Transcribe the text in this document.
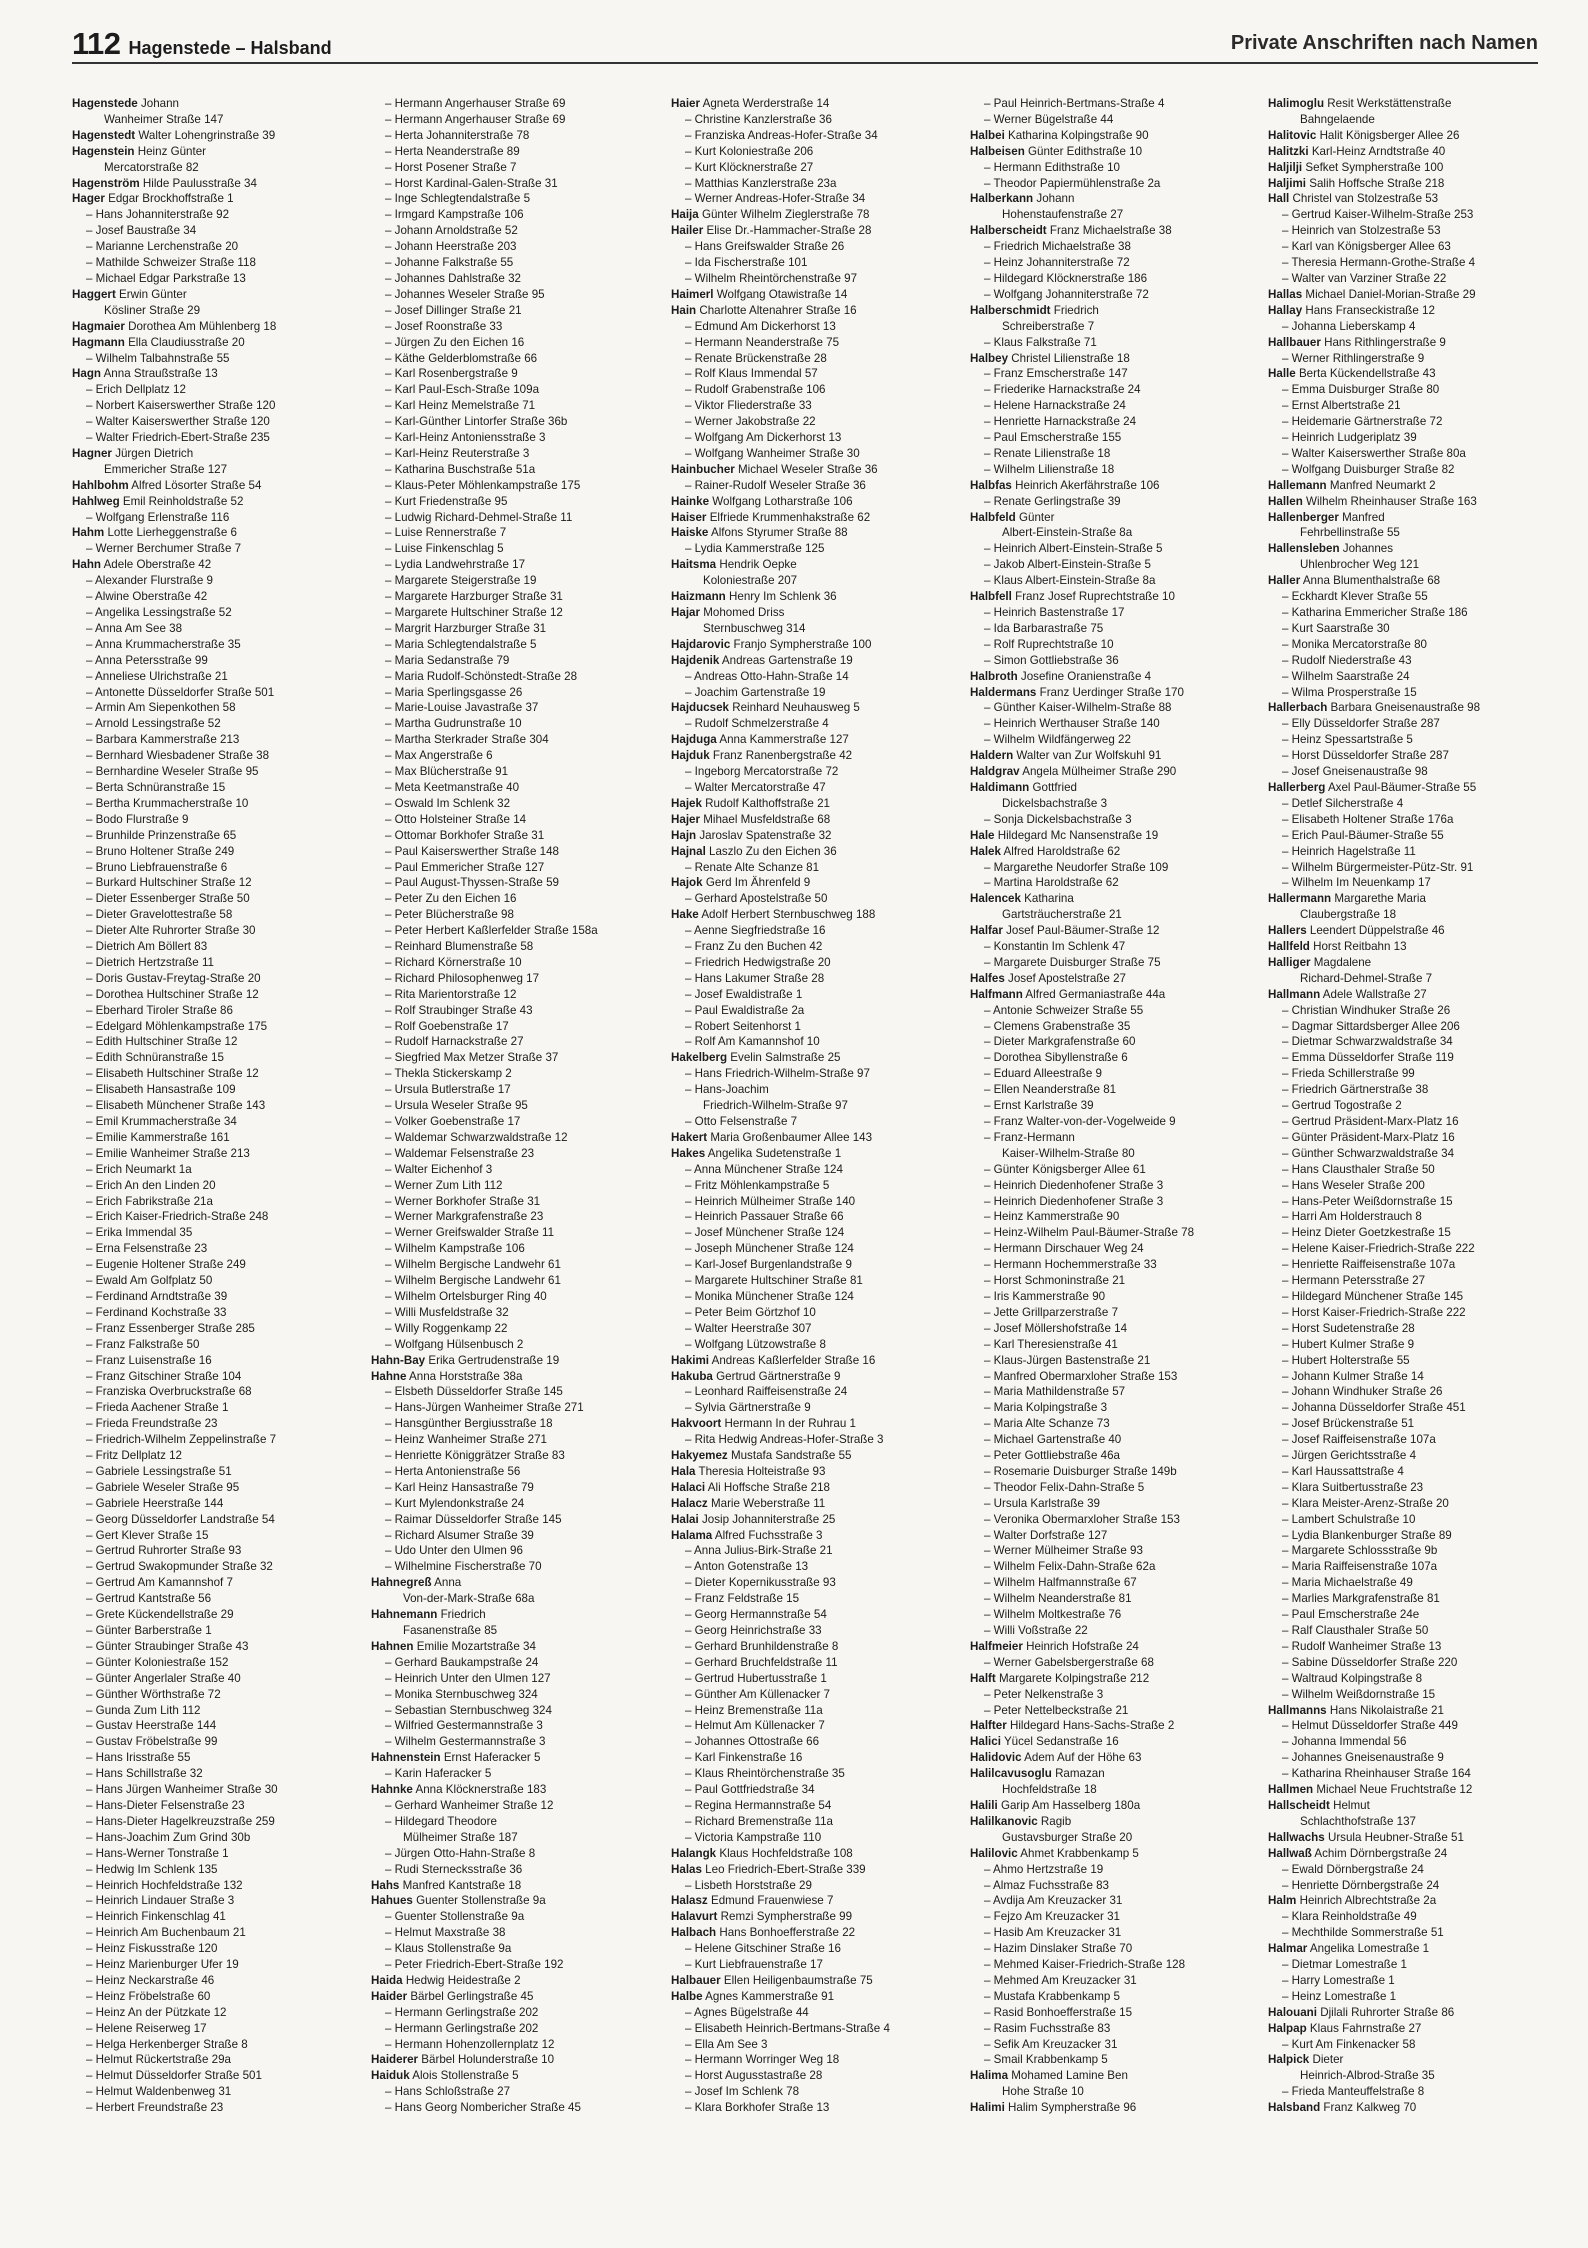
112 Hagenstede – Halsband	Private Anschriften nach Namen
Hagenstede Johann
Wanheimer Straße 147
Hagenstedt Walter Lohengrinstraße 39
Hagenstein Heinz Günter
Mercatorstraße 82
Hagenström Hilde Paulusstraße 34
Hager Edgar Brockhoffstraße 1
– Hans Johanniterstraße 92
– Josef Baustraße 34
– Marianne Lerchenstraße 20
– Mathilde Schweizer Straße 118
– Michael Edgar Parkstraße 13
Haggert Erwin Günter
Kösliner Straße 29
Hagmaier Dorothea Am Mühlenberg 18
Hagmann Ella Claudiusstraße 20
– Wilhelm Talbahnstraße 55
Hagn Anna Straußstraße 13
– Erich Dellplatz 12
– Norbert Kaiserswerther Straße 120
– Walter Kaiserswerther Straße 120
– Walter Friedrich-Ebert-Straße 235
Hagner Jürgen Dietrich
Emmericher Straße 127
Hahlbohm Alfred Lösorter Straße 54
Hahlweg Emil Reinholdstraße 52
– Wolfgang Erlenstraße 116
Hahm Lotte Lierheggenstraße 6
– Werner Berchumer Straße 7
Hahn Adele Oberstraße 42
– Alexander Flurstraße 9
– Alwine Oberstraße 42
– Angelika Lessingstraße 52
– Anna Am See 38
– Anna Krummacherstraße 35
– Anna Petersstraße 99
– Anneliese Ulrichstraße 21
– Antonette Düsseldorfer Straße 501
– Armin Am Siepenkothen 58
– Arnold Lessingstraße 52
– Barbara Kammerstraße 213
– Bernhard Wiesbadener Straße 38
– Bernhardine Weseler Straße 95
– Berta Schnüranstraße 15
– Bertha Krummacherstraße 10
– Bodo Flurstraße 9
– Brunhilde Prinzenstraße 65
– Bruno Holtener Straße 249
– Bruno Liebfrauenstraße 6
– Burkard Hultschiner Straße 12
– Dieter Essenberger Straße 50
– Dieter Gravelottestraße 58
– Dieter Alte Ruhrorter Straße 30
– Dietrich Am Böllert 83
– Dietrich Hertzstraße 11
– Doris Gustav-Freytag-Straße 20
– Dorothea Hultschiner Straße 12
– Eberhard Tiroler Straße 86
– Edelgard Möhlenkampstraße 175
– Edith Hultschiner Straße 12
– Edith Schnüranstraße 15
– Elisabeth Hultschiner Straße 12
– Elisabeth Hansastraße 109
– Elisabeth Münchener Straße 143
– Emil Krummacherstraße 34
– Emilie Kammerstraße 161
– Emilie Wanheimer Straße 213
– Erich Neumarkt 1a
– Erich An den Linden 20
– Erich Fabrikstraße 21a
– Erich Kaiser-Friedrich-Straße 248
– Erika Immendal 35
– Erna Felsenstraße 23
– Eugenie Holtener Straße 249
– Ewald Am Golfplatz 50
– Ferdinand Arndtstraße 39
– Ferdinand Kochstraße 33
– Franz Essenberger Straße 285
– Franz Falkstraße 50
– Franz Luisenstraße 16
– Franz Gitschiner Straße 104
– Franziska Overbruckstraße 68
– Frieda Aachener Straße 1
– Frieda Freundstraße 23
– Friedrich-Wilhelm Zeppelinstraße 7
– Fritz Dellplatz 12
– Gabriele Lessingstraße 51
– Gabriele Weseler Straße 95
– Gabriele Heerstraße 144
– Georg Düsseldorfer Landstraße 54
– Gert Klever Straße 15
– Gertrud Ruhrorter Straße 93
– Gertrud Swakopmunder Straße 32
– Gertrud Am Kamannshof 7
– Gertrud Kantstraße 56
– Grete Kückendellstraße 29
– Günter Barberstraße 1
– Günter Straubinger Straße 43
– Günter Koloniestraße 152
– Günter Angerlaler Straße 40
– Günther Wörthstraße 72
– Gunda Zum Lith 112
– Gustav Heerstraße 144
– Gustav Fröbelstraße 99
– Hans Irisstraße 55
– Hans Schillstraße 32
– Hans Jürgen Wanheimer Straße 30
– Hans-Dieter Felsenstraße 23
– Hans-Dieter Hagelkreuzstraße 259
– Hans-Joachim Zum Grind 30b
– Hans-Werner Tonstraße 1
– Hedwig Im Schlenk 135
– Heinrich Hochfeldstraße 132
– Heinrich Lindauer Straße 3
– Heinrich Finkenschlag 41
– Heinrich Am Buchenbaum 21
– Heinz Fiskusstraße 120
– Heinz Marienburger Ufer 19
– Heinz Neckarstraße 46
– Heinz Fröbelstraße 60
– Heinz An der Pützkate 12
– Helene Reiserweg 17
– Helga Herkenberger Straße 8
– Helmut Rückertstraße 29a
– Helmut Düsseldorfer Straße 501
– Helmut Waldenbenweg 31
– Herbert Freundstraße 23
– Hermann Angerhauser Straße 69
– Hermann Angerhauser Straße 69
– Herta Johanniterstraße 78
– Herta Neanderstraße 89
– Horst Posener Straße 7
– Horst Kardinal-Galen-Straße 31
– Inge Schlegtendalstraße 5
– Irmgard Kampstraße 106
– Johann Arnoldstraße 52
– Johann Heerstraße 203
– Johanne Falkstraße 55
– Johannes Dahlstraße 32
– Johannes Weseler Straße 95
– Josef Dillinger Straße 21
– Josef Roonstraße 33
– Jürgen Zu den Eichen 16
– Käthe Gelderblomstraße 66
– Karl Rosenbergstraße 9
– Karl Paul-Esch-Straße 109a
– Karl Heinz Memelstraße 71
– Karl-Günther Lintorfer Straße 36b
– Karl-Heinz Antoniensstraße 3
– Karl-Heinz Reuterstraße 3
– Katharina Buschstraße 51a
– Klaus-Peter Möhlenkampstraße 175
– Kurt Friedenstraße 95
– Ludwig Richard-Dehmel-Straße 11
– Luise Rennerstraße 7
– Luise Finkenschlag 5
– Lydia Landwehrstraße 17
– Margarete Steigerstraße 19
– Margarete Harzburger Straße 31
– Margarete Hultschiner Straße 12
– Margrit Harzburger Straße 31
– Maria Schlegtendalstraße 5
– Maria Sedanstraße 79
– Maria Rudolf-Schönstedt-Straße 28
– Maria Sperlingsgasse 26
– Marie-Louise Javastraße 37
– Martha Gudrunstraße 10
– Martha Sterkrader Straße 304
– Max Angerstraße 6
– Max Blücherstraße 91
– Meta Keetmanstraße 40
– Oswald Im Schlenk 32
– Otto Holsteiner Straße 14
– Ottomar Borkhofer Straße 31
– Paul Kaiserswerther Straße 148
– Paul Emmericher Straße 127
– Paul August-Thyssen-Straße 59
– Peter Zu den Eichen 16
– Peter Blücherstraße 98
– Peter Herbert Kaßlerfelder Straße 158a
– Reinhard Blumenstraße 58
– Richard Körnerstraße 10
– Richard Philosophenweg 17
– Rita Marientorstraße 12
– Rolf Straubinger Straße 43
– Rolf Goebenstraße 17
– Rudolf Harnackstraße 27
– Siegfried Max Metzer Straße 37
– Thekla Stickerskamp 2
– Ursula Butlerstraße 17
– Ursula Weseler Straße 95
– Volker Goebenstraße 17
– Waldemar Schwarzwaldstraße 12
– Waldemar Felsenstraße 23
– Walter Eichenhof 3
– Werner Zum Lith 112
– Werner Borkhofer Straße 31
– Werner Markgrafenstraße 23
– Werner Greifswalder Straße 11
– Wilhelm Kampstraße 106
– Wilhelm Bergische Landwehr 61
– Wilhelm Bergische Landwehr 61
– Wilhelm Ortelsburger Ring 40
– Willi Musfeldstraße 32
– Willy Roggenkamp 22
– Wolfgang Hülsenbusch 2
Hahn-Bay Erika Gertrudenstraße 19
Hahne Anna Horststraße 38a
– Elsbeth Düsseldorfer Straße 145
– Hans-Jürgen Wanheimer Straße 271
– Hansgünther Bergiusstraße 18
– Heinz Wanheimer Straße 271
– Henriette Königgrätzer Straße 83
– Herta Antonienstraße 56
– Karl Heinz Hansastraße 79
– Kurt Mylendonkstraße 24
– Raimar Düsseldorfer Straße 145
– Richard Alsumer Straße 39
– Udo Unter den Ulmen 96
– Wilhelmine Fischerstraße 70
Hahnegreß Anna
Von-der-Mark-Straße 68a
Hahnemann Friedrich
Fasanenstraße 85
Hahnen Emilie Mozartstraße 34
– Gerhard Baukampstraße 24
– Heinrich Unter den Ulmen 127
– Monika Sternbuschweg 324
– Sebastian Sternbuschweg 324
– Wilfried Gestermannstraße 3
– Wilhelm Gestermannstraße 3
Hahnenstein Ernst Haferacker 5
– Karin Haferacker 5
Hahnke Anna Klöcknerstraße 183
– Gerhard Wanheimer Straße 12
– Hildegard Theodore
Mülheimer Straße 187
– Jürgen Otto-Hahn-Straße 8
– Rudi Sternecksstraße 36
Hahs Manfred Kantstraße 18
Hahues Guenter Stollenstraße 9a
– Guenter Stollenstraße 9a
– Helmut Maxstraße 38
– Klaus Stollenstraße 9a
– Peter Friedrich-Ebert-Straße 192
Haida Hedwig Heidestraße 2
Haider Bärbel Gerlingstraße 45
– Hermann Gerlingstraße 202
– Hermann Gerlingstraße 202
– Hermann Hohenzollernplatz 12
Haiderer Bärbel Holunderstraße 10
Haiduk Alois Stollenstraße 5
– Hans Schloßstraße 27
– Hans Georg Nombericher Straße 45
Haier Agneta Werderstraße 14
– Christine Kanzlerstraße 36
– Franziska Andreas-Hofer-Straße 34
– Kurt Koloniestraße 206
– Kurt Klöcknerstraße 27
– Matthias Kanzlerstraße 23a
– Werner Andreas-Hofer-Straße 34
Haija Günter Wilhelm Zieglerstraße 78
Hailer Elise Dr.-Hammacher-Straße 28
– Hans Greifswalder Straße 26
– Ida Fischerstraße 101
– Wilhelm Rheintörchenstraße 97
Haimerl Wolfgang Otawistraße 14
Hain Charlotte Altenahrer Straße 16
– Edmund Am Dickerhorst 13
– Hermann Neanderstraße 75
– Renate Brückenstraße 28
– Rolf Klaus Immendal 57
– Rudolf Grabenstraße 106
– Viktor Fliederstraße 33
– Werner Jakobstraße 22
– Wolfgang Am Dickerhorst 13
– Wolfgang Wanheimer Straße 30
Hainbucher Michael Weseler Straße 36
– Rainer-Rudolf Weseler Straße 36
Hainke Wolfgang Lotharstraße 106
Haiser Elfriede Krummenhakstraße 62
Haiske Alfons Styrumer Straße 88
– Lydia Kammerstraße 125
Haitsma Hendrik Oepke
Koloniestraße 207
Haizmann Henry Im Schlenk 36
Hajar Mohomed Driss
Sternbuschweg 314
Hajdarovic Franjo Sympherstraße 100
Hajdenik Andreas Gartenstraße 19
– Andreas Otto-Hahn-Straße 14
– Joachim Gartenstraße 19
Hajducsek Reinhard Neuhausweg 5
– Rudolf Schmelzerstraße 4
Hajduga Anna Kammerstraße 127
Hajduk Franz Ranenbergstraße 42
– Ingeborg Mercatorstraße 72
– Walter Mercatorstraße 47
Hajek Rudolf Kalthoffstraße 21
Hajer Mihael Musfeldstraße 68
Hajn Jaroslav Spatenstraße 32
Hajnal Laszlo Zu den Eichen 36
– Renate Alte Schanze 81
Hajok Gerd Im Ährenfeld 9
– Gerhard Apostelstraße 50
Hake Adolf Herbert Sternbuschweg 188
– Aenne Siegfriedstraße 16
– Franz Zu den Buchen 42
– Friedrich Hedwigstraße 20
– Hans Lakumer Straße 28
– Josef Ewaldistraße 1
– Paul Ewaldistraße 2a
– Robert Seitenhorst 1
– Rolf Am Kamannshof 10
Hakelberg Evelin Salmstraße 25
– Hans Friedrich-Wilhelm-Straße 97
– Hans-Joachim
Friedrich-Wilhelm-Straße 97
– Otto Felsenstraße 7
Hakert Maria Großenbaumer Allee 143
Hakes Angelika Sudetenstraße 1
– Anna Münchener Straße 124
– Fritz Möhlenkampstraße 5
– Heinrich Mülheimer Straße 140
– Heinrich Passauer Straße 66
– Josef Münchener Straße 124
– Joseph Münchener Straße 124
– Karl-Josef Burgenlandstraße 9
– Margarete Hultschiner Straße 81
– Monika Münchener Straße 124
– Peter Beim Görtzhof 10
– Walter Heerstraße 307
– Wolfgang Lützowstraße 8
Hakimi Andreas Kaßlerfelder Straße 16
Hakuba Gertrud Gärtnerstraße 9
– Leonhard Raiffeisenstraße 24
– Sylvia Gärtnerstraße 9
Hakvoort Hermann In der Ruhrau 1
– Rita Hedwig Andreas-Hofer-Straße 3
Hakyemez Mustafa Sandstraße 55
Hala Theresia Holteistraße 93
Halaci Ali Hoffsche Straße 218
Halacz Marie Weberstraße 11
Halai Josip Johanniterstraße 25
Halama Alfred Fuchsstraße 3
– Anna Julius-Birk-Straße 21
– Anton Gotenstraße 13
– Dieter Kopernikusstraße 93
– Franz Feldstraße 15
– Georg Hermannstraße 54
– Georg Heinrichstraße 33
– Gerhard Brunhildenstraße 8
– Gerhard Bruchfeldstraße 11
– Gertrud Hubertusstraße 1
– Günther Am Küllenacker 7
– Heinz Bremenstraße 11a
– Helmut Am Küllenacker 7
– Johannes Ottostraße 66
– Karl Finkenstraße 16
– Klaus Rheintörchenstraße 35
– Paul Gottfriedstraße 34
– Regina Hermannstraße 54
– Richard Bremenstraße 11a
– Victoria Kampstraße 110
Halangk Klaus Hochfeldstraße 108
Halas Leo Friedrich-Ebert-Straße 339
– Lisbeth Horststraße 29
Halasz Edmund Frauenwiese 7
Halavurt Remzi Sympherstraße 99
Halbach Hans Bonhoefferstraße 22
– Helene Gitschiner Straße 16
– Kurt Liebfrauenstraße 17
Halbauer Ellen Heiligenbaumstraße 75
Halbe Agnes Kammerstraße 91
– Agnes Bügelstraße 44
– Elisabeth Heinrich-Bertmans-Straße 4
– Ella Am See 3
– Hermann Worringer Weg 18
– Horst Augusstastraße 28
– Josef Im Schlenk 78
– Klara Borkhofer Straße 13
– Paul Heinrich-Bertmans-Straße 4
– Werner Bügelstraße 44
Halbei Katharina Kolpingstraße 90
Halbeisen Günter Edithstraße 10
– Hermann Edithstraße 10
– Theodor Papiermühlenstraße 2a
Halberkann Johann
Hohenstaufenstraße 27
Halberscheidt Franz Michaelstraße 38
– Friedrich Michaelstraße 38
– Heinz Johanniterstraße 72
– Hildegard Klöcknerstraße 186
– Wolfgang Johanniterstraße 72
Halberschmidt Friedrich
Schreiberstraße 7
– Klaus Falkstraße 71
Halbey Christel Lilienstraße 18
– Franz Emscherstraße 147
– Friederike Harnackstraße 24
– Helene Harnackstraße 24
– Henriette Harnackstraße 24
– Paul Emscherstraße 155
– Renate Lilienstraße 18
– Wilhelm Lilienstraße 18
Halbfas Heinrich Akerfährstraße 106
– Renate Gerlingstraße 39
Halbfeld Günter
Albert-Einstein-Straße 8a
– Heinrich Albert-Einstein-Straße 5
– Jakob Albert-Einstein-Straße 5
– Klaus Albert-Einstein-Straße 8a
Halbfell Franz Josef Ruprechtstraße 10
– Heinrich Bastenstraße 17
– Ida Barbarastraße 75
– Rolf Ruprechtstraße 10
– Simon Gottliebstraße 36
Halbroth Josefine Oranienstraße 4
Haldermans Franz Uerdinger Straße 170
– Günther Kaiser-Wilhelm-Straße 88
– Heinrich Werthauser Straße 140
– Wilhelm Wildfängerweg 22
Haldern Walter van Zur Wolfskuhl 91
Haldgrav Angela Mülheimer Straße 290
Haldimann Gottfried
Dickelsbachstraße 3
– Sonja Dickelsbachstraße 3
Hale Hildegard Mc Nansenstraße 19
Halek Alfred Haroldstraße 62
– Margarethe Neudorfer Straße 109
– Martina Haroldstraße 62
Halencek Katharina
Gartsträucherstraße 21
Halfar Josef Paul-Bäumer-Straße 12
– Konstantin Im Schlenk 47
– Margarete Duisburger Straße 75
Halfes Josef Apostelstraße 27
Halfmann Alfred Germaniastraße 44a
– Antonie Schweizer Straße 55
– Clemens Grabenstraße 35
– Dieter Markgrafenstraße 60
– Dorothea Sibyllenstraße 6
– Eduard Alleestraße 9
– Ellen Neanderstraße 81
– Ernst Karlstraße 39
– Franz Walter-von-der-Vogelweide 9
– Franz-Hermann
Kaiser-Wilhelm-Straße 80
– Günter Königsberger Allee 61
– Heinrich Diedenhofener Straße 3
– Heinrich Diedenhofener Straße 3
– Heinz Kammerstraße 90
– Heinz-Wilhelm Paul-Bäumer-Straße 78
– Hermann Dirschauer Weg 24
– Hermann Hochemmerstraße 33
– Horst Schmoninstraße 21
– Iris Kammerstraße 90
– Jette Grillparzerstraße 7
– Josef Möllershofstraße 14
– Karl Theresienstraße 41
– Klaus-Jürgen Bastenstraße 21
– Manfred Obermarxloher Straße 153
– Maria Mathildenstraße 57
– Maria Kolpingstraße 3
– Maria Alte Schanze 73
– Michael Gartenstraße 40
– Peter Gottliebstraße 46a
– Rosemarie Duisburger Straße 149b
– Theodor Felix-Dahn-Straße 5
– Ursula Karlstraße 39
– Veronika Obermarxloher Straße 153
– Walter Dorfstraße 127
– Werner Mülheimer Straße 93
– Wilhelm Felix-Dahn-Straße 62a
– Wilhelm Halfmannstraße 67
– Wilhelm Neanderstraße 81
– Wilhelm Moltkestraße 76
– Willi Voßstraße 22
Halfmeier Heinrich Hofstraße 24
– Werner Gabelsbergerstraße 68
Halft Margarete Kolpingstraße 212
– Peter Nelkenstraße 3
– Peter Nettelbeckstraße 21
Halfter Hildegard Hans-Sachs-Straße 2
Halici Yücel Sedanstraße 16
Halidovic Adem Auf der Höhe 63
Halilcavusoglu Ramazan
Hochfeldstraße 18
Halili Garip Am Hasselberg 180a
Halilkanovic Ragib
Gustavsburger Straße 20
Halilovic Ahmet Krabbenkamp 5
– Ahmo Hertzstraße 19
– Almaz Fuchsstraße 83
– Avdija Am Kreuzacker 31
– Fejzo Am Kreuzacker 31
– Hasib Am Kreuzacker 31
– Hazim Dinslaker Straße 70
– Mehmed Kaiser-Friedrich-Straße 128
– Mehmed Am Kreuzacker 31
– Mustafa Krabbenkamp 5
– Rasid Bonhoefferstraße 15
– Rasim Fuchsstraße 83
– Sefik Am Kreuzacker 31
– Smail Krabbenkamp 5
Halima Mohamed Lamine Ben
Hohe Straße 10
Halimi Halim Sympherstraße 96
Halimoglu Resit Werkstättenstraße
Bahngelaende
Halitovic Halit Königsberger Allee 26
Halitzki Karl-Heinz Arndtstraße 40
Haljilji Sefket Sympherstraße 100
Haljimi Salih Hoffsche Straße 218
Hall Christel van Stolzestraße 53
– Gertrud Kaiser-Wilhelm-Straße 253
– Heinrich van Stolzestraße 53
– Karl van Königsberger Allee 63
– Theresia Hermann-Grothe-Straße 4
– Walter van Varziner Straße 22
Hallas Michael Daniel-Morian-Straße 29
Hallay Hans Franseckistraße 12
– Johanna Lieberskamp 4
Hallbauer Hans Rithlingerstraße 9
– Werner Rithlingerstraße 9
Halle Berta Kückendellstraße 43
– Emma Duisburger Straße 80
– Ernst Albertstraße 21
– Heidemarie Gärtnerstraße 72
– Heinrich Ludgeriplatz 39
– Walter Kaiserswerther Straße 80a
– Wolfgang Duisburger Straße 82
Hallemann Manfred Neumarkt 2
Hallen Wilhelm Rheinhauser Straße 163
Hallenberger Manfred
Fehrbellinstraße 55
Hallensleben Johannes
Uhlenbrocher Weg 121
Haller Anna Blumenthalstraße 68
– Eckhardt Klever Straße 55
– Katharina Emmericher Straße 186
– Kurt Saarstraße 30
– Monika Mercatorstraße 80
– Rudolf Niederstraße 43
– Wilhelm Saarstraße 24
– Wilma Prosperstraße 15
Hallerbach Barbara Gneisenaustraße 98
– Elly Düsseldorfer Straße 287
– Heinz Spessartstraße 5
– Horst Düsseldorfer Straße 287
– Josef Gneisenaustraße 98
Hallerberg Axel Paul-Bäumer-Straße 55
– Detlef Silcherstraße 4
– Elisabeth Holtener Straße 176a
– Erich Paul-Bäumer-Straße 55
– Heinrich Hagelstraße 11
– Wilhelm Bürgermeister-Pütz-Str. 91
– Wilhelm Im Neuenkamp 17
Hallermann Margarethe Maria
Claubergstraße 18
Hallers Leendert Düppelstraße 46
Hallfeld Horst Reitbahn 13
Halliger Magdalene
Richard-Dehmel-Straße 7
Hallmann Adele Wallstraße 27
– Christian Windhuker Straße 26
– Dagmar Sittardsberger Allee 206
– Dietmar Schwarzwaldstraße 34
– Emma Düsseldorfer Straße 119
– Frieda Schillerstraße 99
– Friedrich Gärtnerstraße 38
– Gertrud Togostraße 2
– Gertrud Präsident-Marx-Platz 16
– Günter Präsident-Marx-Platz 16
– Günther Schwarzwaldstraße 34
– Hans Clausthaler Straße 50
– Hans Weseler Straße 200
– Hans-Peter Weißdornstraße 15
– Harri Am Holderstrauch 8
– Heinz Dieter Goetzkestraße 15
– Helene Kaiser-Friedrich-Straße 222
– Henriette Raiffeisenstraße 107a
– Hermann Petersstraße 27
– Hildegard Münchener Straße 145
– Horst Kaiser-Friedrich-Straße 222
– Horst Sudetenstraße 28
– Hubert Kulmer Straße 9
– Hubert Holterstraße 55
– Johann Kulmer Straße 14
– Johann Windhuker Straße 26
– Johanna Düsseldorfer Straße 451
– Josef Brückenstraße 51
– Josef Raiffeisenstraße 107a
– Jürgen Gerichtsstraße 4
– Karl Haussattstraße 4
– Klara Suitbertusstraße 23
– Klara Meister-Arenz-Straße 20
– Lambert Schulstraße 10
– Lydia Blankenburger Straße 89
– Margarete Schlossstraße 9b
– Maria Raiffeisenstraße 107a
– Maria Michaelstraße 49
– Marlies Markgrafenstraße 81
– Paul Emscherstraße 24e
– Ralf Clausthaler Straße 50
– Rudolf Wanheimer Straße 13
– Sabine Düsseldorfer Straße 220
– Waltraud Kolpingstraße 8
– Wilhelm Weißdornstraße 15
Hallmanns Hans Nikolaistraße 21
– Helmut Düsseldorfer Straße 449
– Johanna Immendal 56
– Johannes Gneisenaustraße 9
– Katharina Rheinhauser Straße 164
Hallmen Michael Neue Fruchtstraße 12
Hallscheidt Helmut
Schlachthofstraße 137
Hallwachs Ursula Heubner-Straße 51
Hallwaß Achim Dörnbergstraße 24
– Ewald Dörnbergstraße 24
– Henriette Dörnbergstraße 24
Halm Heinrich Albrechtstraße 2a
– Klara Reinholdstraße 49
– Mechthilde Sommerstraße 51
Halmar Angelika Lomestraße 1
– Dietmar Lomestraße 1
– Harry Lomestraße 1
– Heinz Lomestraße 1
Halouani Djilali Ruhrorter Straße 86
Halpap Klaus Fahrnstraße 27
– Kurt Am Finkenacker 58
Halpick Dieter
Heinrich-Albrod-Straße 35
– Frieda Manteuffelstraße 8
Halsband Franz Kalkweg 70
